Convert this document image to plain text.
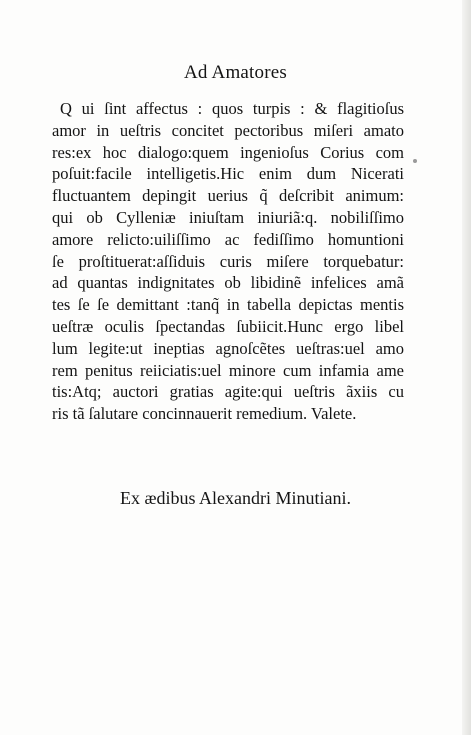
Ad Amatores
Q ui ſint affectus : quos turpis : & flagitioſus
amor in ueſtris concitet pectoribus miſeri amato
res:ex hoc dialogo:quem ingenioſus Corius com
poſuit:facile intelligetis.Hic enim dum Nicerati
fluctuantem depingit uerius q̃ deſcribit animum:
qui ob Cylleniæ iniuſtam iniuriã:q. nobiliſſimo
amore relicto:uiliſſimo ac fediſſimo homuntioni
ſe proſtituerat:aſſiduis curis miſere torquebatur:
ad quantas indignitates ob libidinẽ infelices amã
tes ſe ſe demittant :tanq̃ in tabella depictas mentis
ueſtræ oculis ſpectandas ſubiicit.Hunc ergo libel
lum legite:ut ineptias agnoſcẽtes ueſtras:uel amo
rem penitus reiiciatis:uel minore cum infamia ame
tis:Atq; auctori gratias agite:qui ueſtris ãxiis cu
ris tã ſalutare concinnauerit remedium. Valete.
Ex ædibus Alexandri Minutiani.
